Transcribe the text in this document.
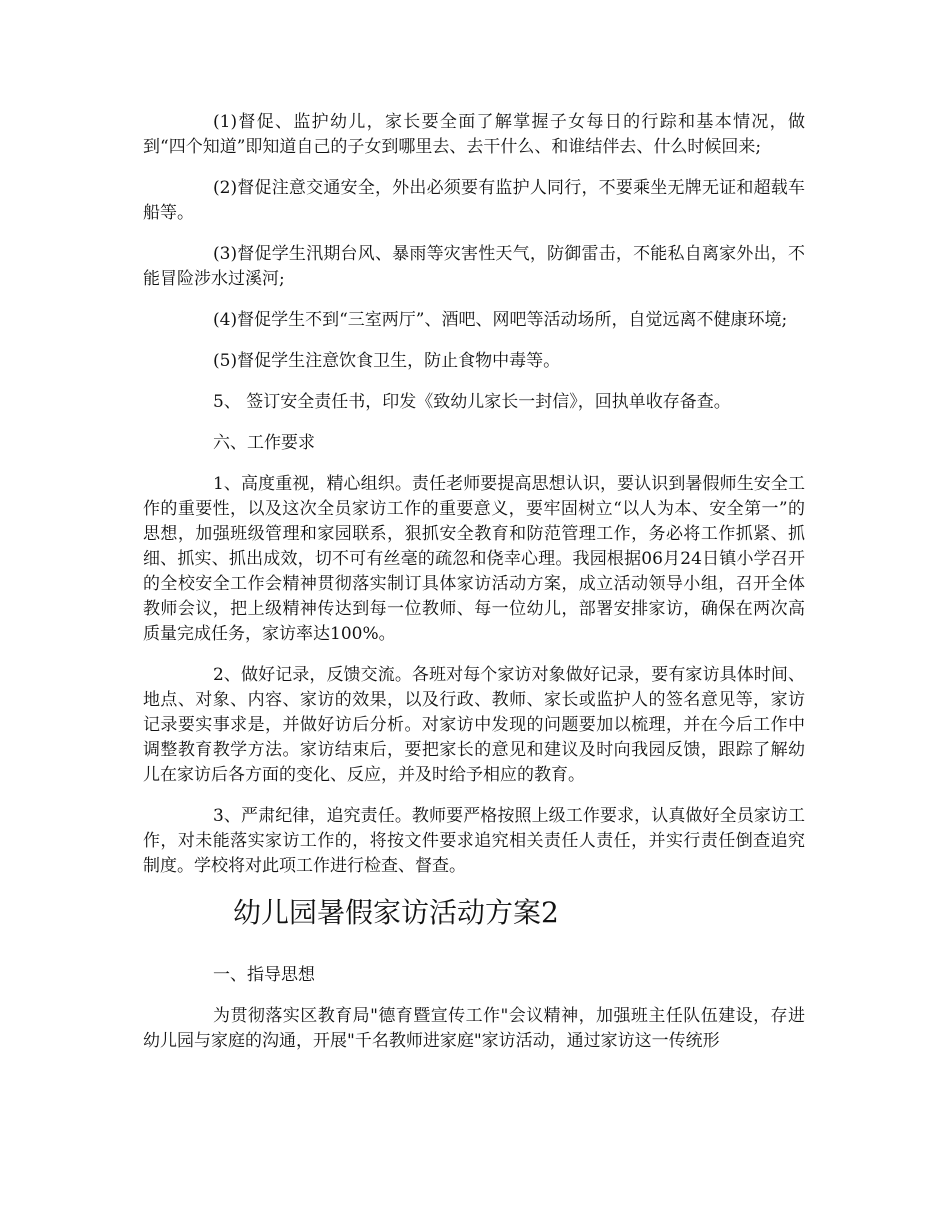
(1)督促、监护幼儿，家长要全面了解掌握子女每日的行踪和基本情况，做到“四个知道”即知道自己的子女到哪里去、去干什么、和谁结伴去、什么时候回来;

(2)督促注意交通安全，外出必须要有监护人同行，不要乘坐无牌无证和超载车船等。

(3)督促学生汛期台风、暴雨等灾害性天气，防御雷击，不能私自离家外出，不能冒险涉水过溪河;

(4)督促学生不到“三室两厅”、酒吧、网吧等活动场所，自觉远离不健康环境;

(5)督促学生注意饮食卫生，防止食物中毒等。

5、 签订安全责任书，印发《致幼儿家长一封信》，回执单收存备查。

六、工作要求

1、高度重视，精心组织。责任老师要提高思想认识，要认识到暑假师生安全工作的重要性，以及这次全员家访工作的重要意义，要牢固树立“以人为本、安全第一”的思想，加强班级管理和家园联系，狠抓安全教育和防范管理工作，务必将工作抓紧、抓细、抓实、抓出成效，切不可有丝毫的疏忽和侥幸心理。我园根据06月24日镇小学召开的全校安全工作会精神贯彻落实制订具体家访活动方案，成立活动领导小组，召开全体教师会议，把上级精神传达到每一位教师、每一位幼儿，部署安排家访，确保在两次高质量完成任务，家访率达100%。

2、做好记录，反馈交流。各班对每个家访对象做好记录，要有家访具体时间、地点、对象、内容、家访的效果，以及行政、教师、家长或监护人的签名意见等，家访记录要实事求是，并做好访后分析。对家访中发现的问题要加以梳理，并在今后工作中调整教育教学方法。家访结束后，要把家长的意见和建议及时向我园反馈，跟踪了解幼儿在家访后各方面的变化、反应，并及时给予相应的教育。

3、严肃纪律，追究责任。教师要严格按照上级工作要求，认真做好全员家访工作，对未能落实家访工作的，将按文件要求追究相关责任人责任，并实行责任倒查追究制度。学校将对此项工作进行检查、督查。

幼儿园暑假家访活动方案2

一、指导思想

为贯彻落实区教育局"德育暨宣传工作"会议精神，加强班主任队伍建设，存进幼儿园与家庭的沟通，开展"千名教师进家庭"家访活动，通过家访这一传统形
